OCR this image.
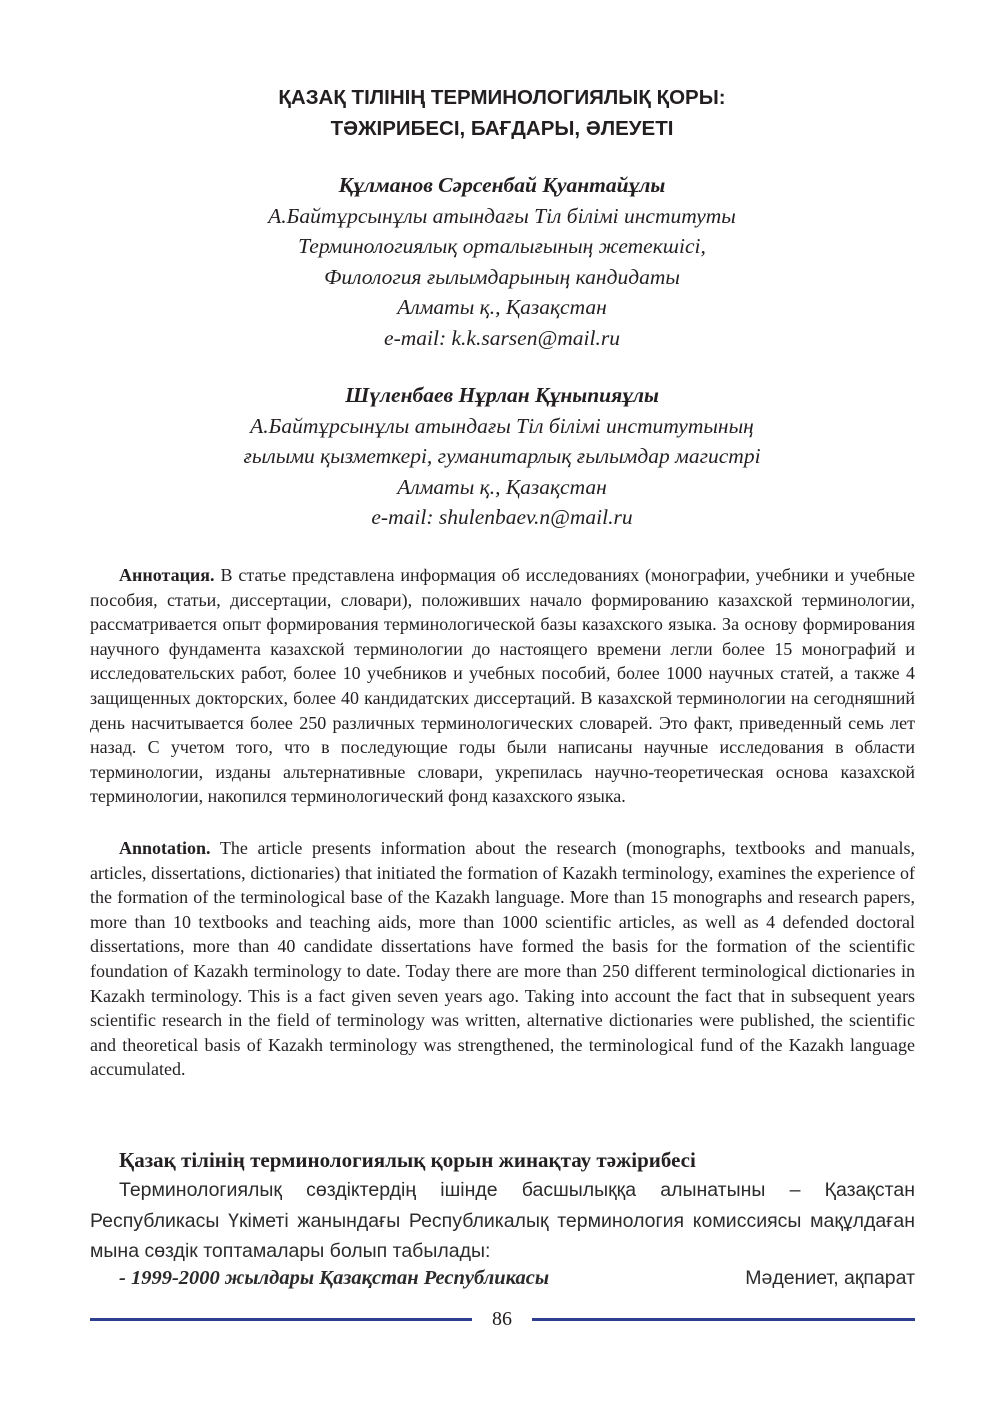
ҚАЗАҚ ТІЛІНІҢ ТЕРМИНОЛОГИЯЛЫҚ ҚОРЫ:
ТӘЖІРИБЕСІ, БАҒДАРЫ, ӘЛЕУЕТІ
Құлманов Сәрсенбай Қуантайұлы
А.Байтұрсынұлы атындағы Тіл білімі институты
Терминологиялық орталығының жетекшісі,
Филология ғылымдарының кандидаты
Алматы қ., Қазақстан
e-mail: k.k.sarsen@mail.ru
Шүленбаев Нұрлан Құныпияұлы
А.Байтұрсынұлы атындағы Тіл білімі институтының
ғылыми қызметкері, гуманитарлық ғылымдар магистрі
Алматы қ., Қазақстан
e-mail: shulenbaev.n@mail.ru

Аннотация. В статье представлена информация об исследованиях (монографии, учебники и учебные пособия, статьи, диссертации, словари), положивших начало формированию казахской терминологии, рассматривается опыт формирования терминологической базы казахского языка. За основу формирования научного фундамента казахской терминологии до настоящего времени легли более 15 монографий и исследовательских работ, более 10 учебников и учебных пособий, более 1000 научных статей, а также 4 защищенных докторских, более 40 кандидатских диссертаций. В казахской терминологии на сегодняшний день насчитывается более 250 различных терминологических словарей. Это факт, приведенный семь лет назад. С учетом того, что в последующие годы были написаны научные исследования в области терминологии, изданы альтернативные словари, укрепилась научно-теоретическая основа казахской терминологии, накопился терминологический фонд казахского языка.

Annotation. The article presents information about the research (monographs, textbooks and manuals, articles, dissertations, dictionaries) that initiated the formation of Kazakh terminology, examines the experience of the formation of the terminological base of the Kazakh language. More than 15 monographs and research papers, more than 10 textbooks and teaching aids, more than 1000 scientific articles, as well as 4 defended doctoral dissertations, more than 40 candidate dissertations have formed the basis for the formation of the scientific foundation of Kazakh terminology to date. Today there are more than 250 different terminological dictionaries in Kazakh terminology. This is a fact given seven years ago. Taking into account the fact that in subsequent years scientific research in the field of terminology was written, alternative dictionaries were published, the scientific and theoretical basis of Kazakh terminology was strengthened, the terminological fund of the Kazakh language accumulated.

Қазақ тілінің терминологиялық қорын жинақтау тәжірибесі

Терминологиялық сөздіктердің ішінде басшылыққа алынатыны – Қазақстан Республикасы Үкіметі жанындағы Республикалық терминология комиссиясы мақұлдаған мына сөздік топтамалары болып табылады:

- 1999-2000 жылдары Қазақстан Республикасы	Мәдениет, ақпарат
86
